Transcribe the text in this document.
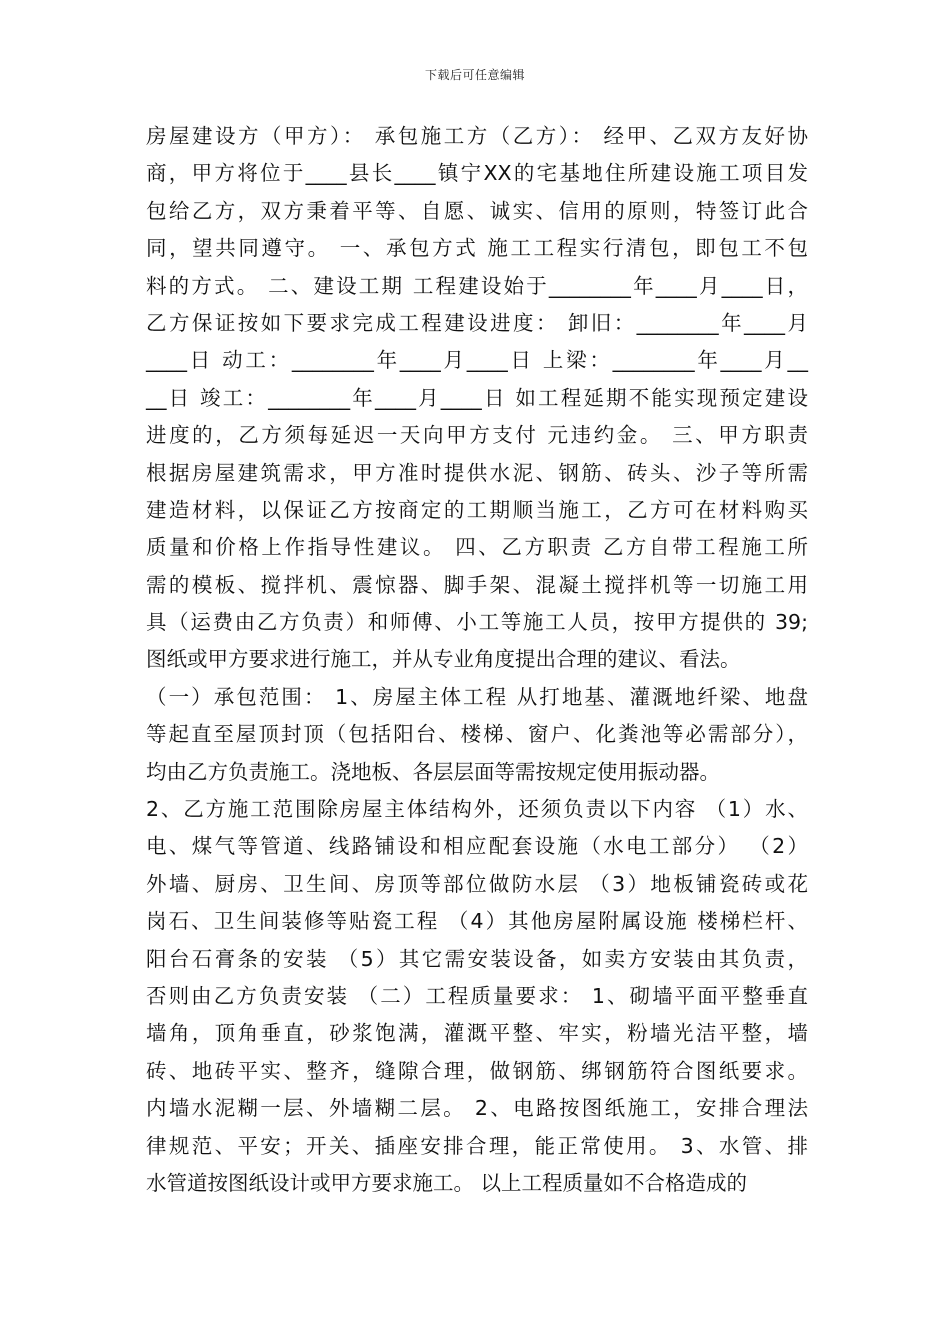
下载后可任意编辑
房屋建设方（甲方）： 承包施工方（乙方）： 经甲、乙双方友好协
商，甲方将位于____县长____镇宁XX的宅基地住所建设施工项目发
包给乙方，双方秉着平等、自愿、诚实、信用的原则，特签订此合
同，望共同遵守。 一、承包方式 施工工程实行清包，即包工不包
料的方式。 二、建设工期 工程建设始于________年____月____日，
乙方保证按如下要求完成工程建设进度： 卸旧：________年____月
____日 动工：________年____月____日 上梁：________年____月__
__日 竣工：________年____月____日 如工程延期不能实现预定建设
进度的，乙方须每延迟一天向甲方支付 元违约金。 三、甲方职责
根据房屋建筑需求，甲方准时提供水泥、钢筋、砖头、沙子等所需
建造材料，以保证乙方按商定的工期顺当施工，乙方可在材料购买
质量和价格上作指导性建议。 四、乙方职责 乙方自带工程施工所
需的模板、搅拌机、震惊器、脚手架、混凝土搅拌机等一切施工用
具（运费由乙方负责）和师傅、小工等施工人员，按甲方提供的 39;
图纸或甲方要求进行施工，并从专业角度提出合理的建议、看法。
（一）承包范围： 1、房屋主体工程 从打地基、灌溉地纤梁、地盘
等起直至屋顶封顶（包括阳台、楼梯、窗户、化粪池等必需部分），
均由乙方负责施工。浇地板、各层层面等需按规定使用振动器。
2、乙方施工范围除房屋主体结构外，还须负责以下内容 （1）水、
电、煤气等管道、线路铺设和相应配套设施（水电工部分） （2）
外墙、厨房、卫生间、房顶等部位做防水层 （3）地板铺瓷砖或花
岗石、卫生间装修等贴瓷工程 （4）其他房屋附属设施 楼梯栏杆、
阳台石膏条的安装 （5）其它需安装设备，如卖方安装由其负责，
否则由乙方负责安装 （二）工程质量要求： 1、砌墙平面平整垂直
墙角，顶角垂直，砂浆饱满，灌溉平整、牢实，粉墙光洁平整，墙
砖、地砖平实、整齐，缝隙合理，做钢筋、绑钢筋符合图纸要求。
内墙水泥糊一层、外墙糊二层。 2、电路按图纸施工，安排合理法
律规范、平安；开关、插座安排合理，能正常使用。 3、水管、排
水管道按图纸设计或甲方要求施工。 以上工程质量如不合格造成的
